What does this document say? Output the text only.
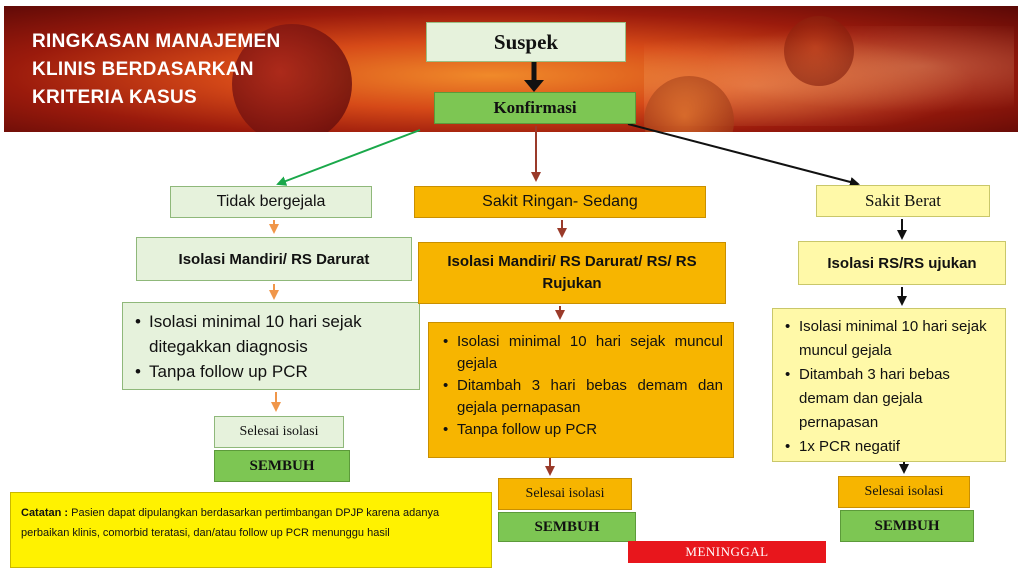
RINGKASAN MANAJEMEN
KLINIS BERDASARKAN
KRITERIA KASUS
Suspek
Konfirmasi
Tidak bergejala
Isolasi Mandiri/ RS Darurat
• Isolasi minimal 10 hari sejak ditegakkan diagnosis
• Tanpa follow up PCR
Selesai isolasi
SEMBUH
Sakit Ringan- Sedang
Isolasi Mandiri/ RS Darurat/ RS/ RS Rujukan
• Isolasi minimal 10 hari sejak muncul gejala
• Ditambah 3 hari bebas demam dan gejala pernapasan
• Tanpa follow up PCR
Selesai isolasi
SEMBUH
MENINGGAL
Sakit Berat
Isolasi RS/RS ujukan
• Isolasi minimal 10 hari sejak muncul gejala
• Ditambah 3 hari bebas demam dan gejala pernapasan
• 1x PCR negatif
Selesai isolasi
SEMBUH
Catatan : Pasien dapat dipulangkan berdasarkan pertimbangan DPJP karena adanya perbaikan klinis, comorbid teratasi, dan/atau follow up PCR menunggu hasil
